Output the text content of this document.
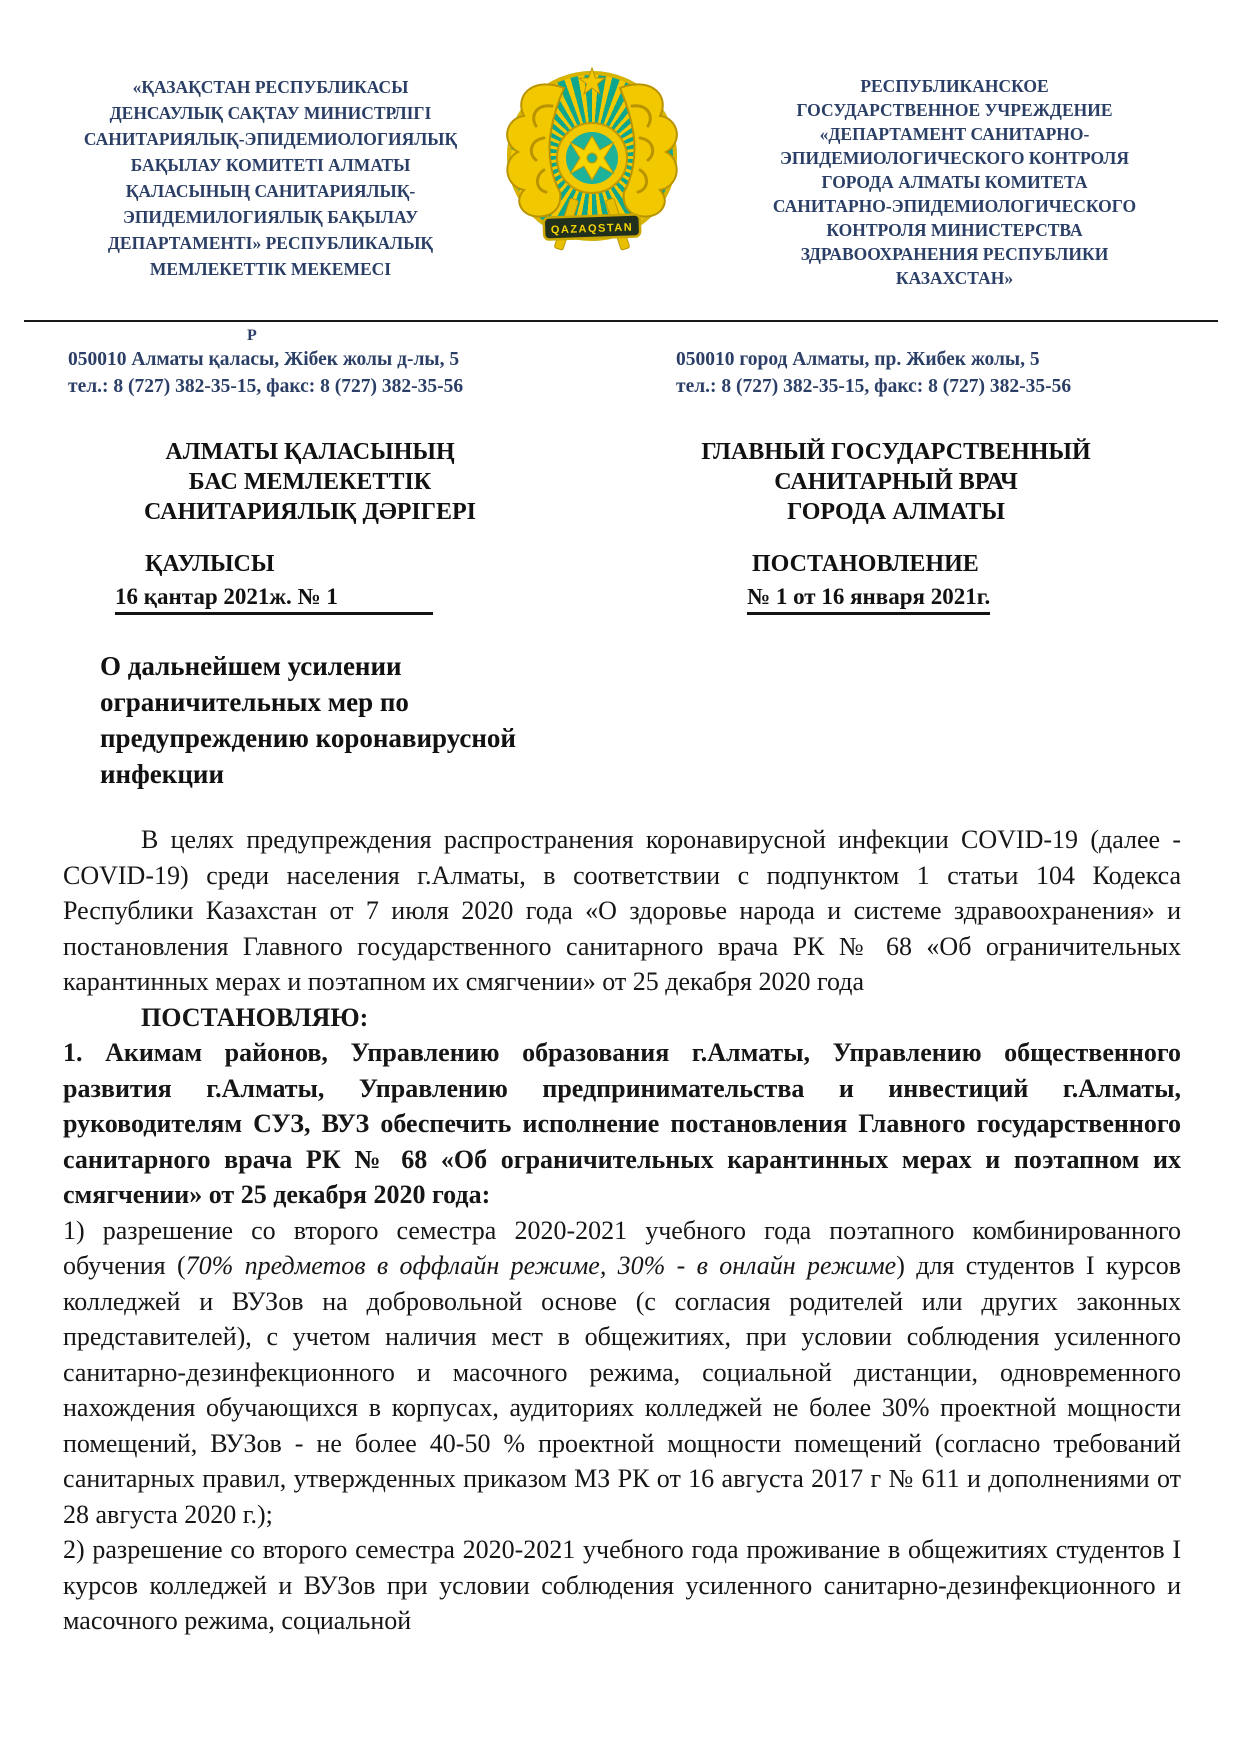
«ҚАЗАҚСТАН РЕСПУБЛИКАСЫ
ДЕНСАУЛЫҚ САҚТАУ МИНИСТРЛІГІ
САНИТАРИЯЛЫҚ-ЭПИДЕМИОЛОГИЯЛЫҚ
БАҚЫЛАУ КОМИТЕТІ АЛМАТЫ
ҚАЛАСЫНЫҢ САНИТАРИЯЛЫҚ-
ЭПИДЕМИЛОГИЯЛЫҚ БАҚЫЛАУ
ДЕПАРТАМЕНТІ» РЕСПУБЛИКАЛЫҚ
МЕМЛЕКЕТТІК МЕКЕМЕСІ
QAZAQSTAN
РЕСПУБЛИКАНСКОЕ
ГОСУДАРСТВЕННОЕ УЧРЕЖДЕНИЕ
«ДЕПАРТАМЕНТ САНИТАРНО-
ЭПИДЕМИОЛОГИЧЕСКОГО КОНТРОЛЯ
ГОРОДА АЛМАТЫ КОМИТЕТА
САНИТАРНО-ЭПИДЕМИОЛОГИЧЕСКОГО
КОНТРОЛЯ МИНИСТЕРСТВА
ЗДРАВООХРАНЕНИЯ РЕСПУБЛИКИ
КАЗАХСТАН»
Р
050010 Алматы қаласы, Жібек жолы д-лы, 5
тел.: 8 (727) 382-35-15, факс: 8 (727) 382-35-56
050010 город Алматы, пр. Жибек жолы, 5
тел.: 8 (727) 382-35-15, факс: 8 (727) 382-35-56
АЛМАТЫ ҚАЛАСЫНЫҢ
БАС МЕМЛЕКЕТТІК
САНИТАРИЯЛЫҚ ДӘРІГЕРІ
ҚАУЛЫСЫ
16 қантар 2021ж. № 1
ГЛАВНЫЙ ГОСУДАРСТВЕННЫЙ
САНИТАРНЫЙ ВРАЧ
ГОРОДА АЛМАТЫ
ПОСТАНОВЛЕНИЕ
№ 1 от 16 января 2021г.
О дальнейшем усилении
ограничительных мер по
предупреждению коронавирусной
инфекции

В целях предупреждения распространения коронавирусной инфекции COVID-19 (далее - COVID-19) среди населения г.Алматы, в соответствии с подпунктом 1 статьи 104 Кодекса Республики Казахстан от 7 июля 2020 года «О здоровье народа и системе здравоохранения» и постановления Главного государственного санитарного врача РК № 68 «Об ограничительных карантинных мерах и поэтапном их смягчении» от 25 декабря 2020 года

ПОСТАНОВЛЯЮ:

1. Акимам районов, Управлению образования г.Алматы, Управлению общественного развития г.Алматы, Управлению предпринимательства и инвестиций г.Алматы, руководителям СУЗ, ВУЗ обеспечить исполнение постановления Главного государственного санитарного врача РК № 68 «Об ограничительных карантинных мерах и поэтапном их смягчении» от 25 декабря 2020 года:

1) разрешение со второго семестра 2020-2021 учебного года поэтапного комбинированного обучения (70% предметов в оффлайн режиме, 30% - в онлайн режиме) для студентов I курсов колледжей и ВУЗов на добровольной основе (с согласия родителей или других законных представителей), с учетом наличия мест в общежитиях, при условии соблюдения усиленного санитарно-дезинфекционного и масочного режима, социальной дистанции, одновременного нахождения обучающихся в корпусах, аудиториях колледжей не более 30% проектной мощности помещений, ВУЗов - не более 40-50 % проектной мощности помещений (согласно требований санитарных правил, утвержденных приказом МЗ РК от 16 августа 2017 г № 611 и дополнениями от 28 августа 2020 г.);

2) разрешение со второго семестра 2020-2021 учебного года проживание в общежитиях студентов I курсов колледжей и ВУЗов при условии соблюдения усиленного санитарно-дезинфекционного и масочного режима, социальной
